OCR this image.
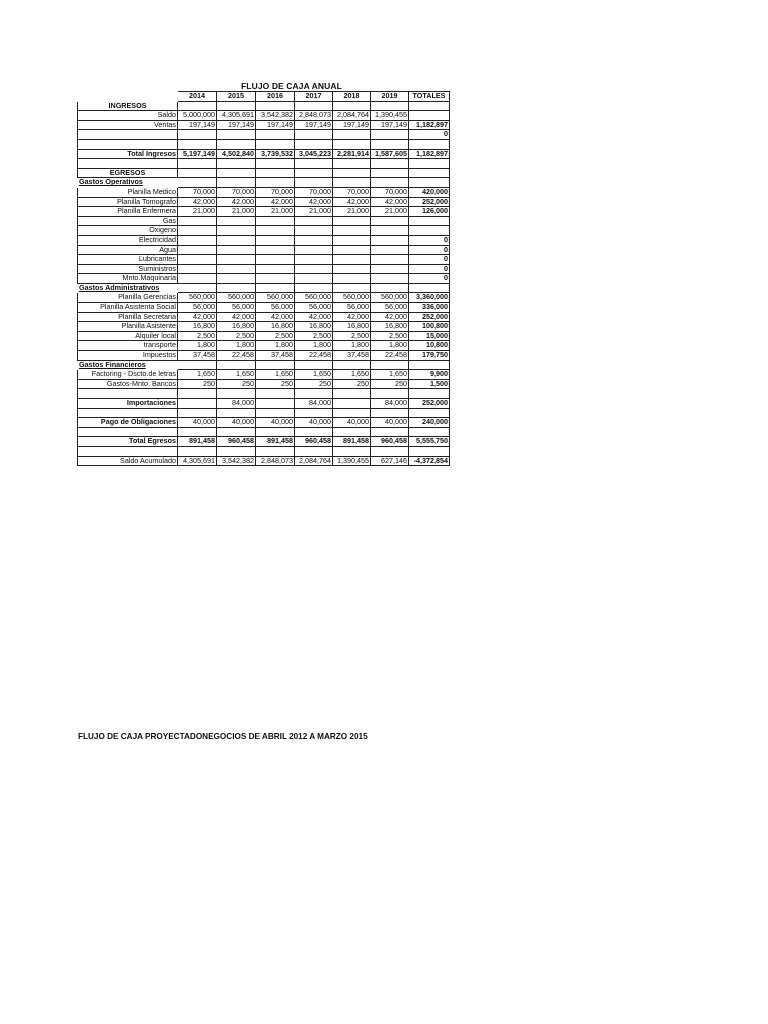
FLUJO DE CAJA ANUAL
	2014	2015	2016	2017	2018	2019	TOTALES
INGRESOS							
Saldo	5,000,000	4,305,691	3,542,382	2,848,073	2,084,764	1,390,455	
Ventas	197,149	197,149	197,149	197,149	197,149	197,149	1,182,897
							0

Total Ingresos	5,197,149	4,502,840	3,739,532	3,045,223	2,281,914	1,587,605	1,182,897

EGRESOS							
Gastos Operativos							
Planilla Medico	70,000	70,000	70,000	70,000	70,000	70,000	420,000
Planilla Tomografo	42,000	42,000	42,000	42,000	42,000	42,000	252,000
Planilla Enfermera	21,000	21,000	21,000	21,000	21,000	21,000	126,000
Gas							
Oxigeno							
Electricidad							0
Agua							0
Lubricantes							0
Suministros							0
Mnto.Maquinaria							0
Gastos Administrativos							
Planilla Gerencias	560,000	560,000	560,000	560,000	560,000	560,000	3,360,000
Planilla Asistenta Social	56,000	56,000	56,000	56,000	56,000	56,000	336,000
Planilla Secretaria	42,000	42,000	42,000	42,000	42,000	42,000	252,000
Planilla Asistente	16,800	16,800	16,800	16,800	16,800	16,800	100,800
Alquiler local	2,500	2,500	2,500	2,500	2,500	2,500	15,000
transporte	1,800	1,800	1,800	1,800	1,800	1,800	10,800
Impuestos	37,458	22,458	37,458	22,458	37,458	22,458	179,750
Gastos Financieros							
Factoring - Dscto.de letras	1,650	1,650	1,650	1,650	1,650	1,650	9,900
Gastos-Mnto. Bancos	250	250	250	250	250	250	1,500

Importaciones		84,000		84,000		84,000	252,000

Pago de Obligaciones	40,000	40,000	40,000	40,000	40,000	40,000	240,000

Total Egresos	891,458	960,458	891,458	960,458	891,458	960,458	5,555,750

Saldo Acumulado	4,305,691	3,542,382	2,848,073	2,084,764	1,390,455	627,146	-4,372,854
FLUJO DE CAJA PROYECTADONEGOCIOS DE ABRIL 2012 A MARZO 2015
